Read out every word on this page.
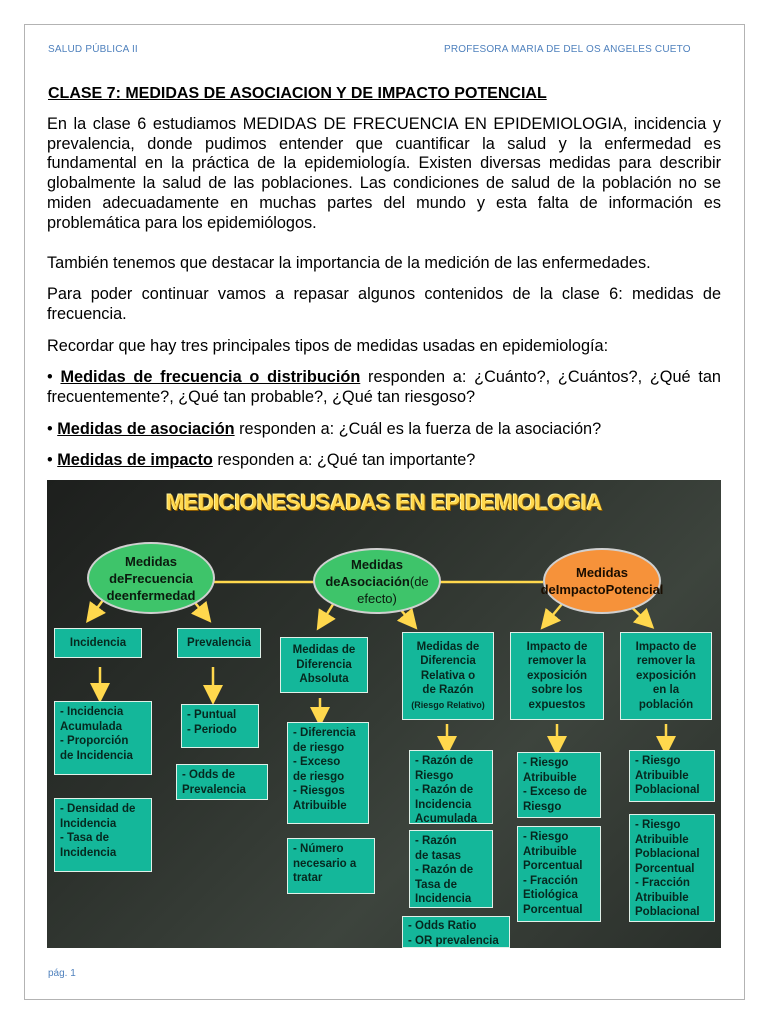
SALUD PÚBLICA II	PROFESORA MARIA DE DEL OS ANGELES CUETO
CLASE 7: MEDIDAS DE ASOCIACION Y DE IMPACTO POTENCIAL
En la clase 6 estudiamos MEDIDAS DE FRECUENCIA EN EPIDEMIOLOGIA, incidencia y prevalencia, donde pudimos entender que cuantificar la salud y la enfermedad es fundamental en la práctica de la epidemiología. Existen diversas medidas para describir globalmente la salud de las poblaciones. Las condiciones de salud de la población no se miden adecuadamente en muchas partes del mundo y esta falta de información es problemática para los epidemiólogos.
También tenemos que destacar la importancia de la medición de las enfermedades.
Para poder continuar vamos a repasar algunos contenidos de la clase 6: medidas de frecuencia.
Recordar que hay tres principales tipos de medidas usadas en epidemiología:
• Medidas de frecuencia o distribución responden a: ¿Cuánto?, ¿Cuántos?, ¿Qué tan frecuentemente?, ¿Qué tan probable?, ¿Qué tan riesgoso?
• Medidas de asociación responden a: ¿Cuál es la fuerza de la asociación?
• Medidas de impacto responden a: ¿Qué tan importante?
MEDICIONESUSADAS EN EPIDEMIOLOGIA
Medidas deFrecuencia deenfermedad
Medidas deAsociación(de efecto)
Medidas deImpactoPotencial
Incidencia	Prevalencia
Medidas de
Diferencia
Absoluta
Medidas de
Diferencia
Relativa o
de Razón
(Riesgo Relativo)
Impacto de
remover la
exposición
sobre los
expuestos
Impacto de
remover la
exposición
en la
población
- Incidencia
Acumulada
- Proporción
de Incidencia
- Densidad de
Incidencia
- Tasa de
Incidencia
- Puntual
- Periodo
- Odds de
Prevalencia
- Diferencia
de riesgo
- Exceso
de riesgo
- Riesgos
Atribuible
- Número
necesario a
tratar
- Razón de
Riesgo
- Razón de
Incidencia
Acumulada
- Razón
de tasas
- Razón de
Tasa de
Incidencia
- Odds Ratio
- OR prevalencia
- Riesgo
Atribuible
- Exceso de
Riesgo
- Riesgo
Atribuible
Porcentual
- Fracción
Etiológica
Porcentual
- Riesgo
Atribuible
Poblacional
- Riesgo
Atribuible
Poblacional
Porcentual
- Fracción
Atribuible
Poblacional
pág. 1
